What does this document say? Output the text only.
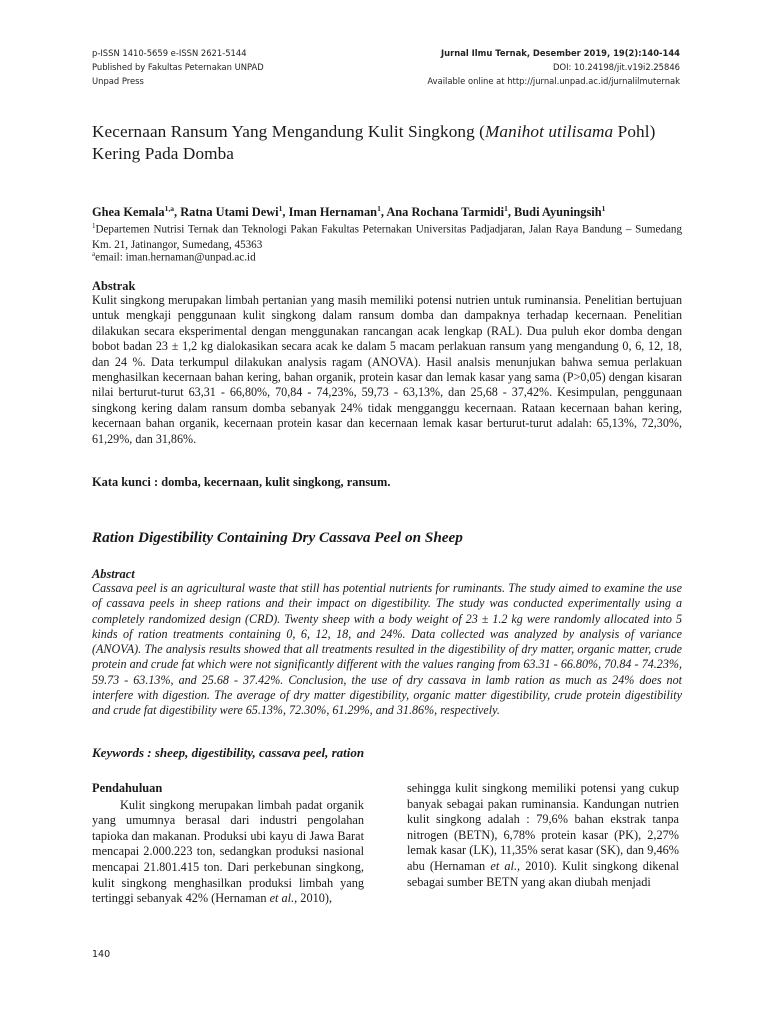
p-ISSN 1410-5659 e-ISSN 2621-5144
Published by Fakultas Peternakan UNPAD
Unpad Press
Jurnal Ilmu Ternak, Desember 2019, 19(2):140-144
DOI: 10.24198/jit.v19i2.25846
Available online at http://jurnal.unpad.ac.id/jurnalilmuternak
Kecernaan Ransum Yang Mengandung Kulit Singkong (Manihot utilisama Pohl) Kering Pada Domba
Ghea Kemala$^{1,a}$, Ratna Utami Dewi$^1$, Iman Hernaman$^1$, Ana Rochana Tarmidi$^1$, Budi Ayuningsih$^1$
$^1$Departemen Nutrisi Ternak dan Teknologi Pakan Fakultas Peternakan Universitas Padjadjaran, Jalan Raya Bandung – Sumedang Km. 21, Jatinangor, Sumedang, 45363
$^a$email: iman.hernaman@unpad.ac.id
Abstrak

Kulit singkong merupakan limbah pertanian yang masih memiliki potensi nutrien untuk ruminansia. Penelitian bertujuan untuk mengkaji penggunaan kulit singkong dalam ransum domba dan dampaknya terhadap kecernaan. Penelitian dilakukan secara eksperimental dengan menggunakan rancangan acak lengkap (RAL). Dua puluh ekor domba dengan bobot badan 23 ± 1,2 kg dialokasikan secara acak ke dalam 5 macam perlakuan ransum yang mengandung 0, 6, 12, 18, dan 24 %. Data terkumpul dilakukan analysis ragam (ANOVA). Hasil analsis menunjukan bahwa semua perlakuan menghasilkan kecernaan bahan kering, bahan organik, protein kasar dan lemak kasar yang sama (P>0,05) dengan kisaran nilai berturut-turut 63,31 - 66,80%, 70,84 - 74,23%, 59,73 - 63,13%, dan 25,68 - 37,42%. Kesimpulan, penggunaan singkong kering dalam ransum domba sebanyak 24% tidak mengganggu kecernaan. Rataan kecernaan bahan kering, kecernaan bahan organik, kecernaan protein kasar dan kecernaan lemak kasar berturut-turut adalah: 65,13%, 72,30%, 61,29%, dan 31,86%.

Kata kunci : domba, kecernaan, kulit singkong, ransum.
Ration Digestibility Containing Dry Cassava Peel on Sheep
Abstract

Cassava peel is an agricultural waste that still has potential nutrients for ruminants. The study aimed to examine the use of cassava peels in sheep rations and their impact on digestibility. The study was conducted experimentally using a completely randomized design (CRD). Twenty sheep with a body weight of 23 ± 1.2 kg were randomly allocated into 5 kinds of ration treatments containing 0, 6, 12, 18, and 24%. Data collected was analyzed by analysis of variance (ANOVA). The analysis results showed that all treatments resulted in the digestibility of dry matter, organic matter, crude protein and crude fat which were not significantly different with the values ranging from 63.31 - 66.80%, 70.84 - 74.23%, 59.73 - 63.13%, and 25.68 - 37.42%. Conclusion, the use of dry cassava in lamb ration as much as 24% does not interfere with digestion. The average of dry matter digestibility, organic matter digestibility, crude protein digestibility and crude fat digestibility were 65.13%, 72.30%, 61.29%, and 31.86%, respectively.

Keywords : sheep, digestibility, cassava peel, ration
Pendahuluan

Kulit singkong merupakan limbah padat organik yang umumnya berasal dari industri pengolahan tapioka dan makanan. Produksi ubi kayu di Jawa Barat mencapai 2.000.223 ton, sedangkan produksi nasional mencapai 21.801.415 ton. Dari perkebunan singkong, kulit singkong menghasilkan produksi limbah yang tertinggi sebanyak 42% (Hernaman et al., 2010),

sehingga kulit singkong memiliki potensi yang cukup banyak sebagai pakan ruminansia. Kandungan nutrien kulit singkong adalah : 79,6% bahan ekstrak tanpa nitrogen (BETN), 6,78% protein kasar (PK), 2,27% lemak kasar (LK), 11,35% serat kasar (SK), dan 9,46% abu (Hernaman et al., 2010). Kulit singkong dikenal sebagai sumber BETN yang akan diubah menjadi

140
